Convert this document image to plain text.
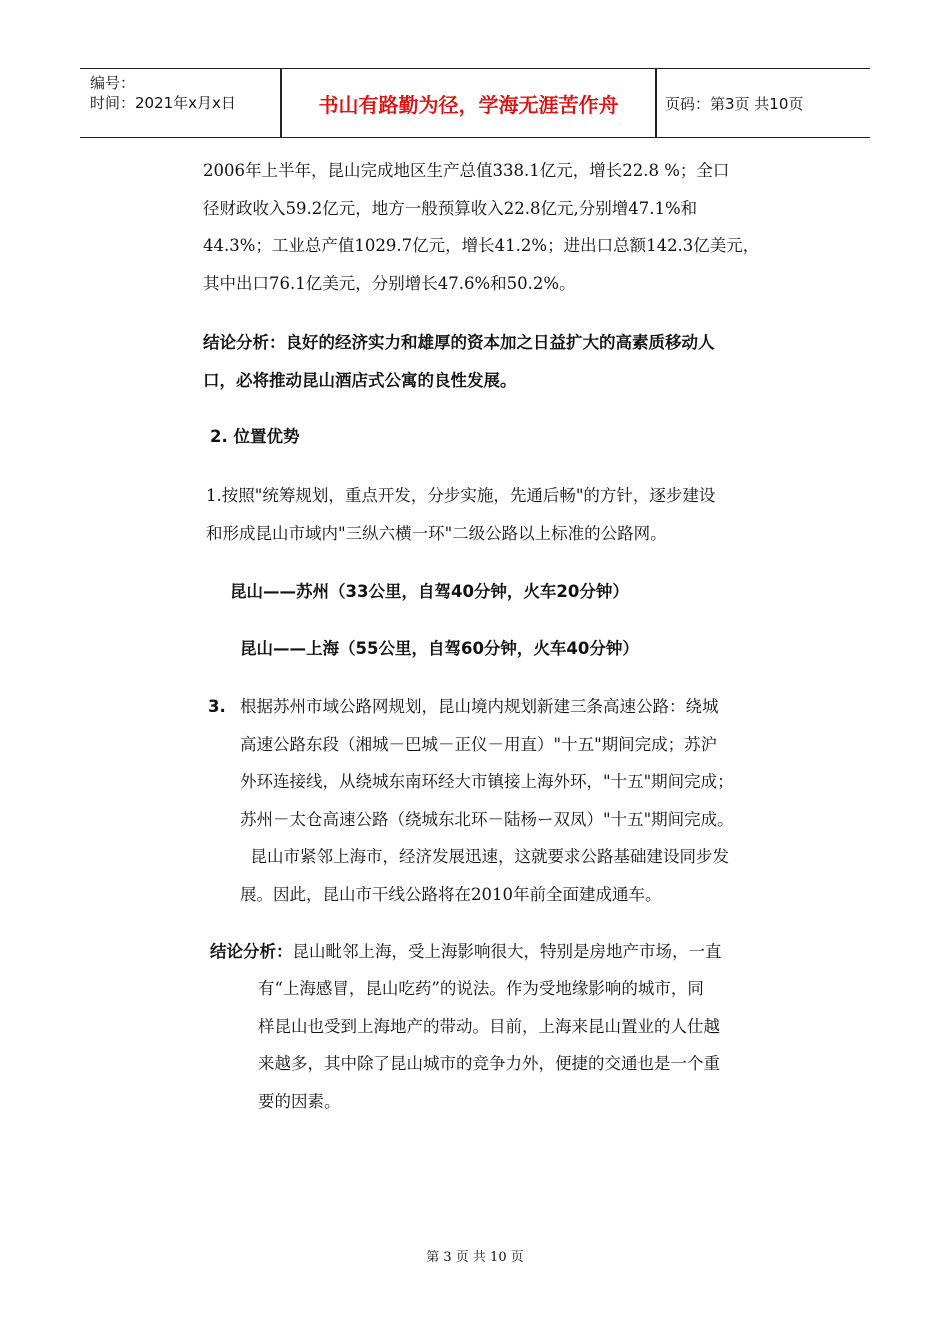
编号：
时间：2021年x月x日	书山有路勤为径，学海无涯苦作舟	页码：第3页 共10页
2006年上半年，昆山完成地区生产总值338.1亿元，增长22.8 %；全口
径财政收入59.2亿元，地方一般预算收入22.8亿元,分别增47.1%和
44.3%；工业总产值1029.7亿元，增长41.2%；进出口总额142.3亿美元，
其中出口76.1亿美元，分别增长47.6%和50.2%。
结论分析：良好的经济实力和雄厚的资本加之日益扩大的高素质移动人
口，必将推动昆山酒店式公寓的良性发展。
2. 位置优势
1.按照"统筹规划，重点开发，分步实施，先通后畅"的方针，逐步建设
和形成昆山市域内"三纵六横一环"二级公路以上标准的公路网。
昆山——苏州（33公里，自驾40分钟，火车20分钟）
昆山——上海（55公里，自驾60分钟，火车40分钟）
3. 根据苏州市域公路网规划，昆山境内规划新建三条高速公路：绕城
高速公路东段（湘城－巴城－正仪－用直）"十五"期间完成；苏沪
外环连接线，从绕城东南环经大市镇接上海外环，"十五"期间完成；
苏州－太仓高速公路（绕城东北环－陆杨ー双凤）"十五"期间完成。
昆山市紧邻上海市，经济发展迅速，这就要求公路基础建设同步发
展。因此，昆山市干线公路将在2010年前全面建成通车。
结论分析：昆山毗邻上海，受上海影响很大，特别是房地产市场，一直
有“上海感冒，昆山吃药”的说法。作为受地缘影响的城市，同
样昆山也受到上海地产的带动。目前，上海来昆山置业的人仕越
来越多，其中除了昆山城市的竞争力外，便捷的交通也是一个重
要的因素。
第 3 页 共 10 页
